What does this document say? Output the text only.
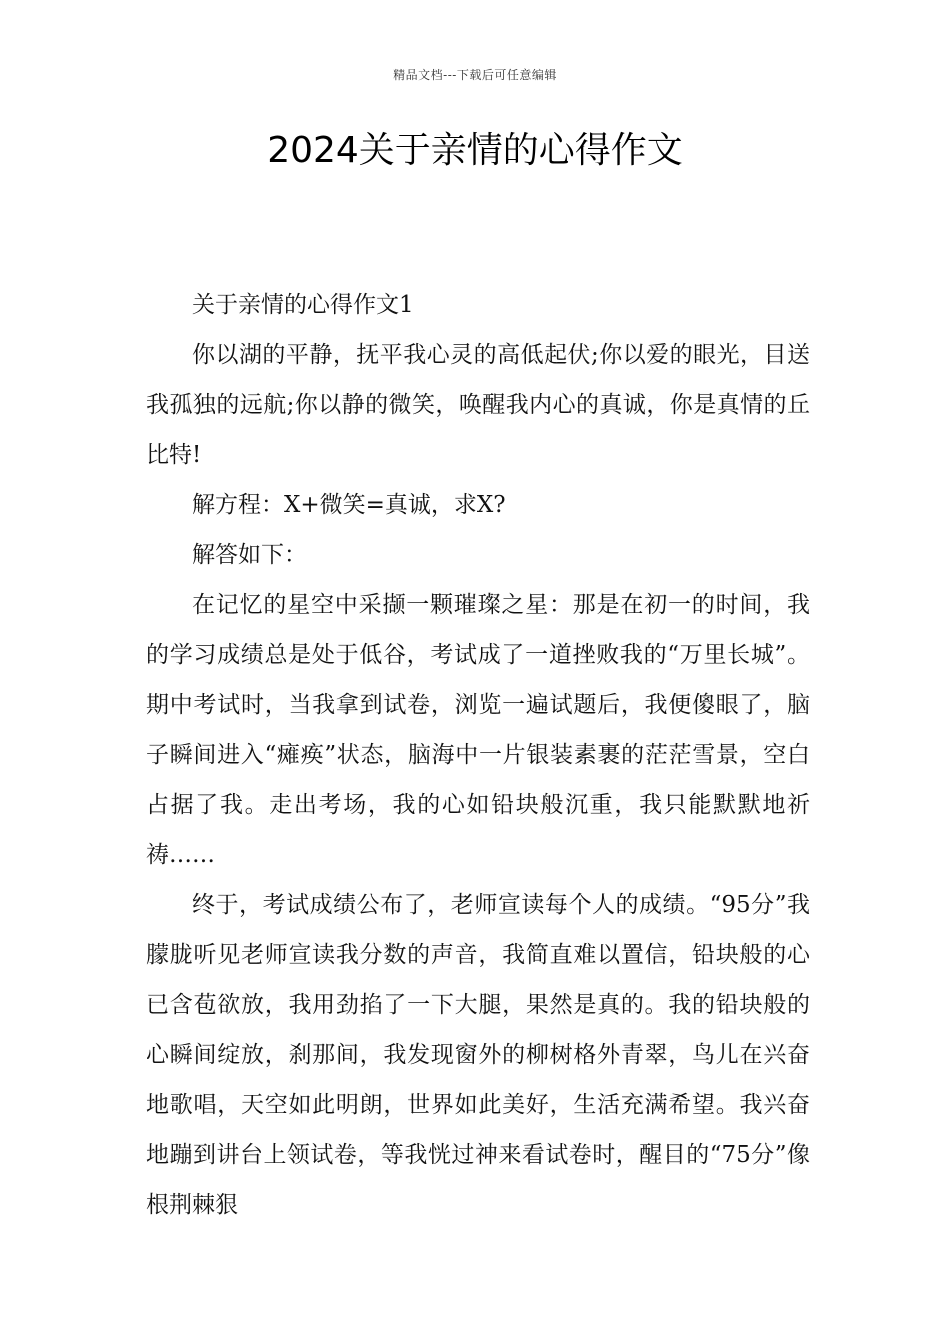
精品文档---下载后可任意编辑
2024关于亲情的心得作文

关于亲情的心得作文1

你以湖的平静，抚平我心灵的高低起伏;你以爱的眼光，目送我孤独的远航;你以静的微笑，唤醒我内心的真诚，你是真情的丘比特!

解方程：X+微笑=真诚，求X?

解答如下：

在记忆的星空中采撷一颗璀璨之星：那是在初一的时间，我的学习成绩总是处于低谷，考试成了一道挫败我的“万里长城”。期中考试时，当我拿到试卷，浏览一遍试题后，我便傻眼了，脑子瞬间进入“瘫痪”状态，脑海中一片银装素裹的茫茫雪景，空白占据了我。走出考场，我的心如铅块般沉重，我只能默默地祈祷……

终于，考试成绩公布了，老师宣读每个人的成绩。“95分”我朦胧听见老师宣读我分数的声音，我简直难以置信，铅块般的心已含苞欲放，我用劲掐了一下大腿，果然是真的。我的铅块般的心瞬间绽放，刹那间，我发现窗外的柳树格外青翠，鸟儿在兴奋地歌唱，天空如此明朗，世界如此美好，生活充满希望。我兴奋地蹦到讲台上领试卷，等我恍过神来看试卷时，醒目的“75分”像根荆棘狠
